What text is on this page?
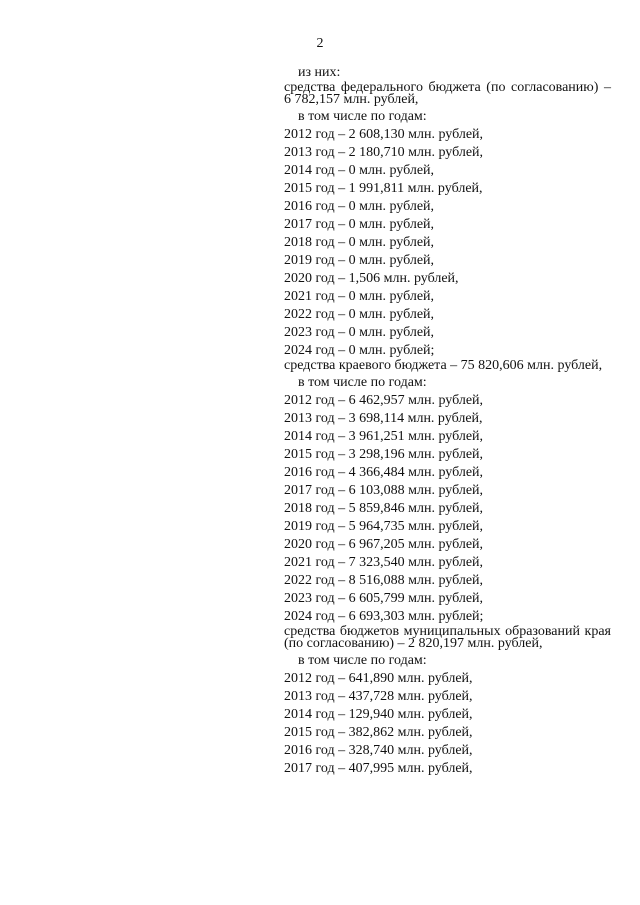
2
из них:
средства федерального бюджета (по согласованию) – 6 782,157 млн. рублей,
в том числе по годам:
2012 год – 2 608,130 млн. рублей,
2013 год – 2 180,710 млн. рублей,
2014 год – 0 млн. рублей,
2015 год – 1 991,811 млн. рублей,
2016 год – 0 млн. рублей,
2017 год – 0 млн. рублей,
2018 год – 0 млн. рублей,
2019 год – 0 млн. рублей,
2020 год – 1,506 млн. рублей,
2021 год – 0 млн. рублей,
2022 год – 0 млн. рублей,
2023 год – 0 млн. рублей,
2024 год – 0 млн. рублей;
средства краевого бюджета – 75 820,606 млн. рублей,
в том числе по годам:
2012 год – 6 462,957 млн. рублей,
2013 год – 3 698,114 млн. рублей,
2014 год – 3 961,251 млн. рублей,
2015 год – 3 298,196 млн. рублей,
2016 год – 4 366,484 млн. рублей,
2017 год – 6 103,088 млн. рублей,
2018 год – 5 859,846 млн. рублей,
2019 год – 5 964,735 млн. рублей,
2020 год – 6 967,205 млн. рублей,
2021 год – 7 323,540 млн. рублей,
2022 год – 8 516,088 млн. рублей,
2023 год – 6 605,799 млн. рублей,
2024 год – 6 693,303 млн. рублей;
средства бюджетов муниципальных образований края (по согласованию) – 2 820,197 млн. рублей,
в том числе по годам:
2012 год – 641,890 млн. рублей,
2013 год – 437,728 млн. рублей,
2014 год – 129,940 млн. рублей,
2015 год – 382,862 млн. рублей,
2016 год – 328,740 млн. рублей,
2017 год – 407,995 млн. рублей,
